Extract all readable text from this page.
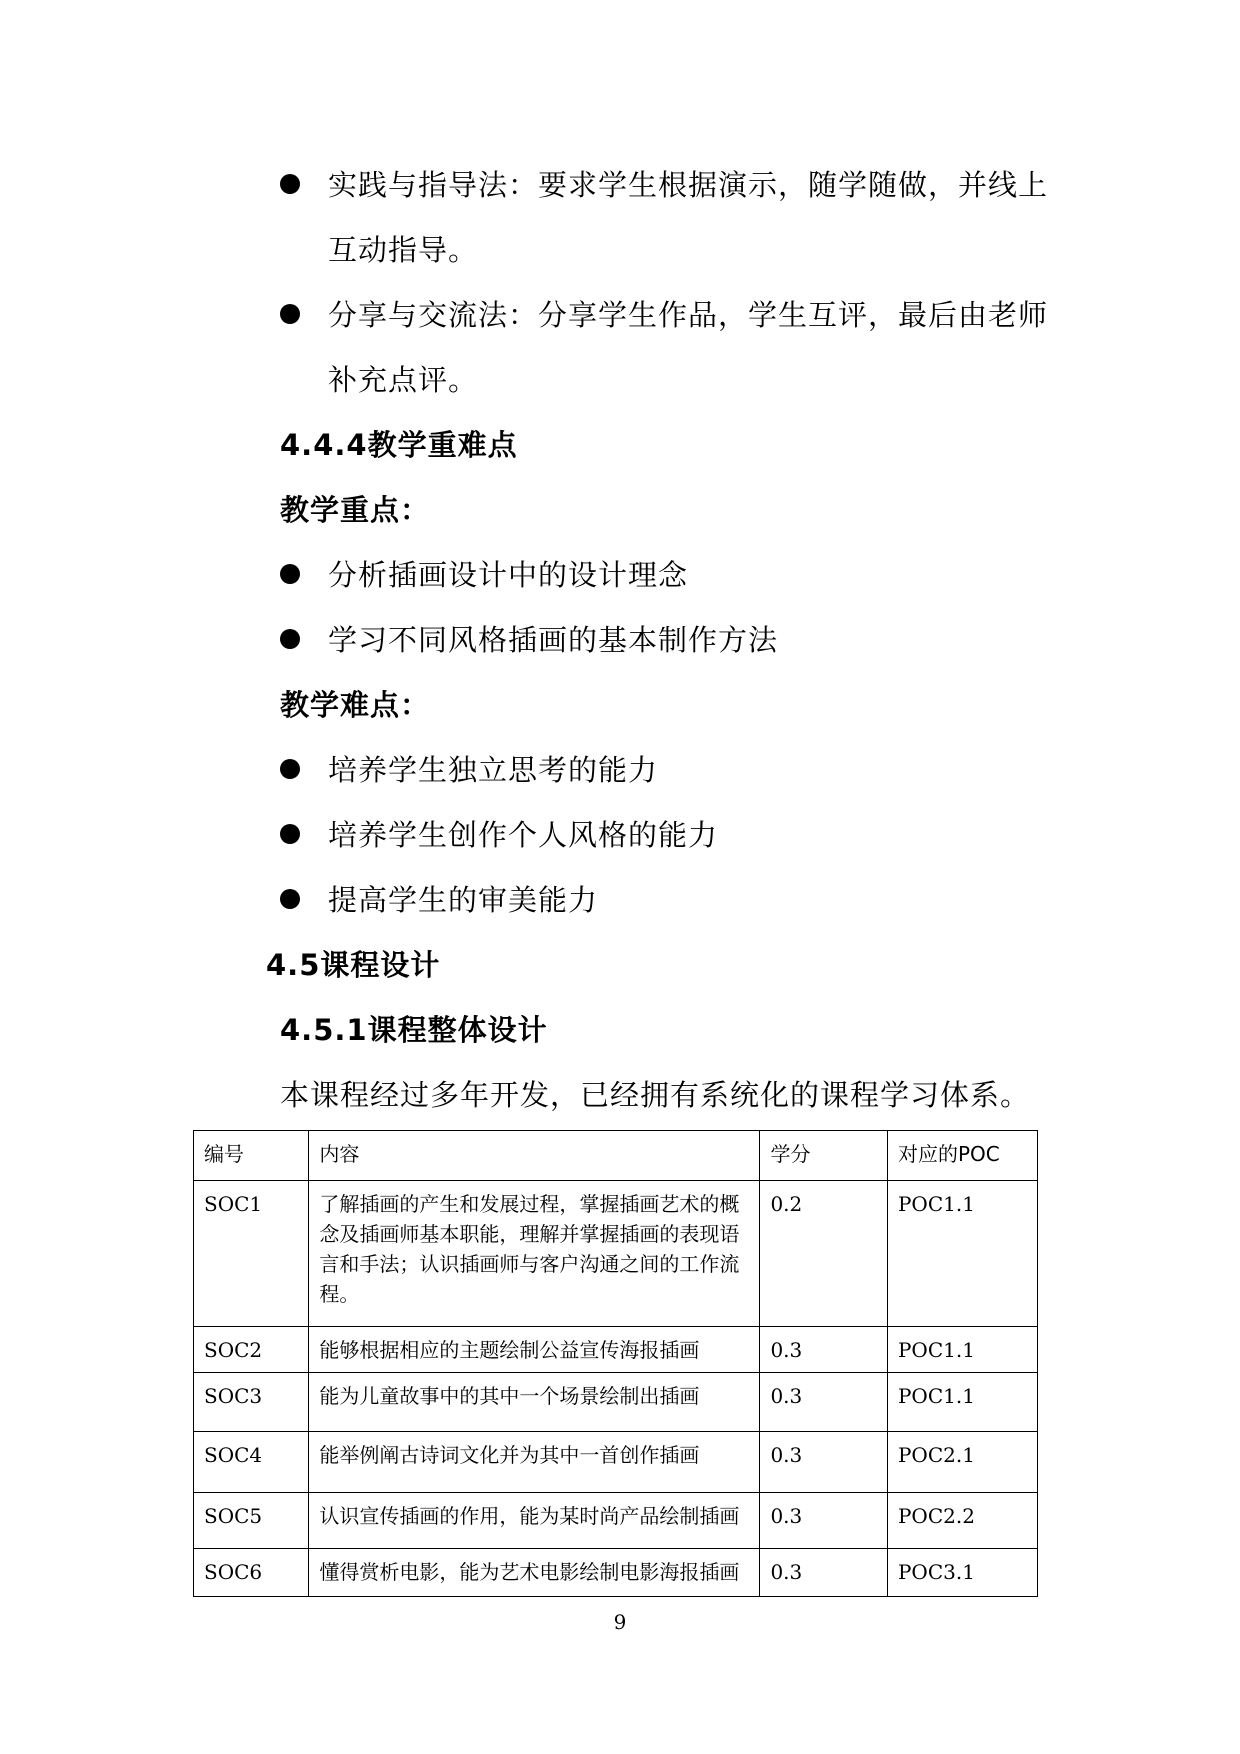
实践与指导法：要求学生根据演示，随学随做，并线上
互动指导。
分享与交流法：分享学生作品，学生互评，最后由老师
补充点评。
4.4.4教学重难点
教学重点：
分析插画设计中的设计理念
学习不同风格插画的基本制作方法
教学难点：
培养学生独立思考的能力
培养学生创作个人风格的能力
提高学生的审美能力
4.5课程设计
4.5.1课程整体设计
本课程经过多年开发，已经拥有系统化的课程学习体系。
编号	内容	学分	对应的POC
SOC1	了解插画的产生和发展过程，掌握插画艺术的概念及插画师基本职能，理解并掌握插画的表现语言和手法；认识插画师与客户沟通之间的工作流程。	0.2	POC1.1
SOC2	能够根据相应的主题绘制公益宣传海报插画	0.3	POC1.1
SOC3	能为儿童故事中的其中一个场景绘制出插画	0.3	POC1.1
SOC4	能举例阐古诗词文化并为其中一首创作插画	0.3	POC2.1
SOC5	认识宣传插画的作用，能为某时尚产品绘制插画	0.3	POC2.2
SOC6	懂得赏析电影，能为艺术电影绘制电影海报插画	0.3	POC3.1
9
